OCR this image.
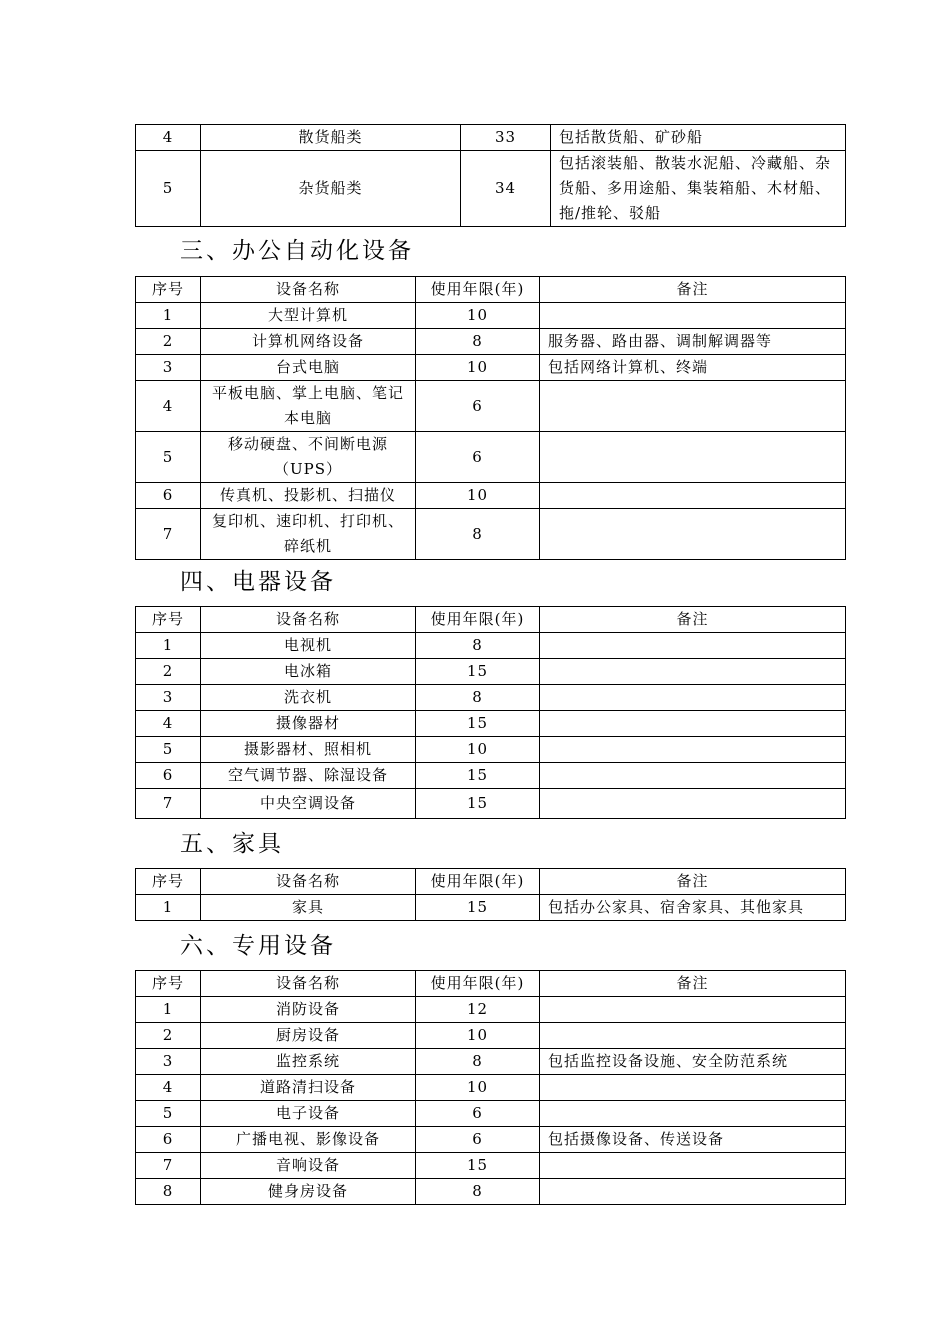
4	散货船类	33	包括散货船、矿砂船
5	杂货船类	34	包括滚装船、散装水泥船、冷藏船、杂货船、多用途船、集装箱船、木材船、拖/推轮、驳船
三、办公自动化设备
序号	设备名称	使用年限(年)	备注
1	大型计算机	10	
2	计算机网络设备	8	服务器、路由器、调制解调器等
3	台式电脑	10	包括网络计算机、终端
4	平板电脑、掌上电脑、笔记本电脑	6	
5	移动硬盘、不间断电源（UPS）	6	
6	传真机、投影机、扫描仪	10	
7	复印机、速印机、打印机、碎纸机	8	
四、电器设备
序号	设备名称	使用年限(年)	备注
1	电视机	8	
2	电冰箱	15	
3	洗衣机	8	
4	摄像器材	15	
5	摄影器材、照相机	10	
6	空气调节器、除湿设备	15	
7	中央空调设备	15	
五、家具
序号	设备名称	使用年限(年)	备注
1	家具	15	包括办公家具、宿舍家具、其他家具
六、专用设备
序号	设备名称	使用年限(年)	备注
1	消防设备	12	
2	厨房设备	10	
3	监控系统	8	包括监控设备设施、安全防范系统
4	道路清扫设备	10	
5	电子设备	6	
6	广播电视、影像设备	6	包括摄像设备、传送设备
7	音响设备	15	
8	健身房设备	8	
